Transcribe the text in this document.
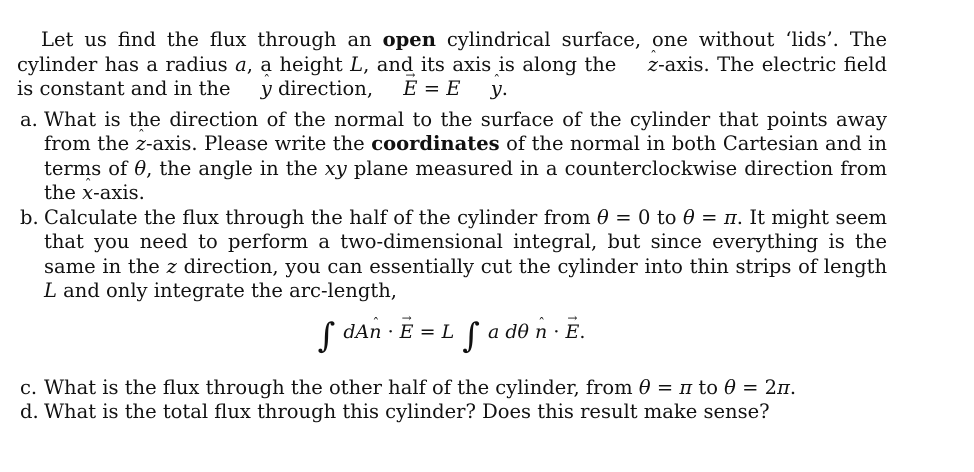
Let us find the flux through an open cylindrical surface, one without ‘lids’. The cylinder has a radius a, a height L, and its axis is along the z ˆ-axis. The electric field is constant and in the y ˆ direction, E → = E y ˆ.

a. What is the direction of the normal to the surface of the cylinder that points away from the z ˆ-axis. Please write the coordinates of the normal in both Cartesian and in terms of θ, the angle in the xy plane measured in a counterclockwise direction from the x ˆ-axis.
b. Calculate the flux through the half of the cylinder from θ = 0 to θ = π. It might seem that you need to perform a two-dimensional integral, but since everything is the same in the z direction, you can essentially cut the cylinder into thin strips of length L and only integrate the arc-length,
∫ dAn ˆ · E → = L ∫ a dθ n ˆ · E →.
c. What is the flux through the other half of the cylinder, from θ = π to θ = 2π.
d. What is the total flux through this cylinder? Does this result make sense?
